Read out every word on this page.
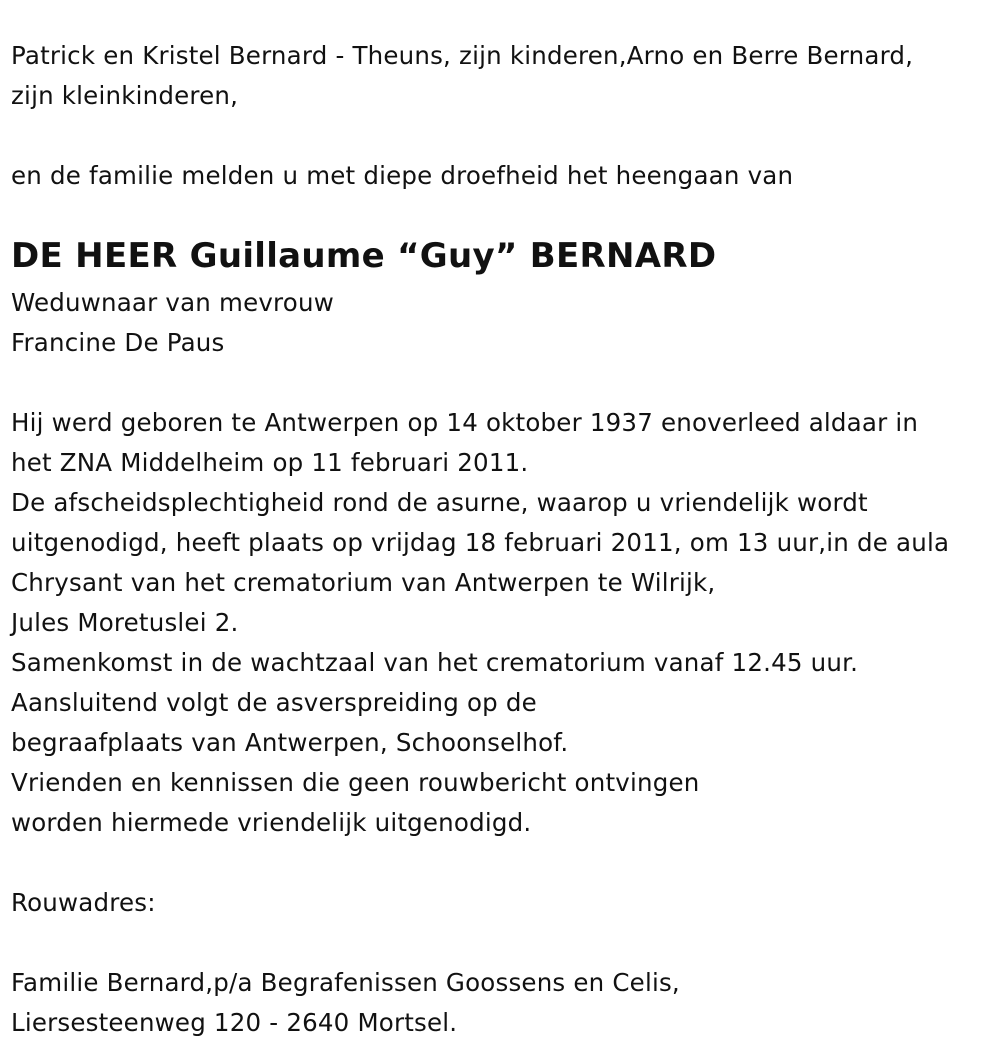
Patrick en Kristel Bernard - Theuns, zijn kinderen,Arno en Berre Bernard,
zijn kleinkinderen,
en de familie melden u met diepe droefheid het heengaan van
DE HEER Guillaume “Guy” BERNARD
Weduwnaar van mevrouw
Francine De Paus
Hij werd geboren te Antwerpen op 14 oktober 1937 enoverleed aldaar in
het ZNA Middelheim op 11 februari 2011.
De afscheidsplechtigheid rond de asurne, waarop u vriendelijk wordt
uitgenodigd, heeft plaats op vrijdag 18 februari 2011, om 13 uur,in de aula
Chrysant van het crematorium van Antwerpen te Wilrijk,
Jules Moretuslei 2.
Samenkomst in de wachtzaal van het crematorium vanaf 12.45 uur.
Aansluitend volgt de asverspreiding op de
begraafplaats van Antwerpen, Schoonselhof.
Vrienden en kennissen die geen rouwbericht ontvingen
worden hiermede vriendelijk uitgenodigd.
Rouwadres:
Familie Bernard,p/a Begrafenissen Goossens en Celis,
Liersesteenweg 120 - 2640 Mortsel.
